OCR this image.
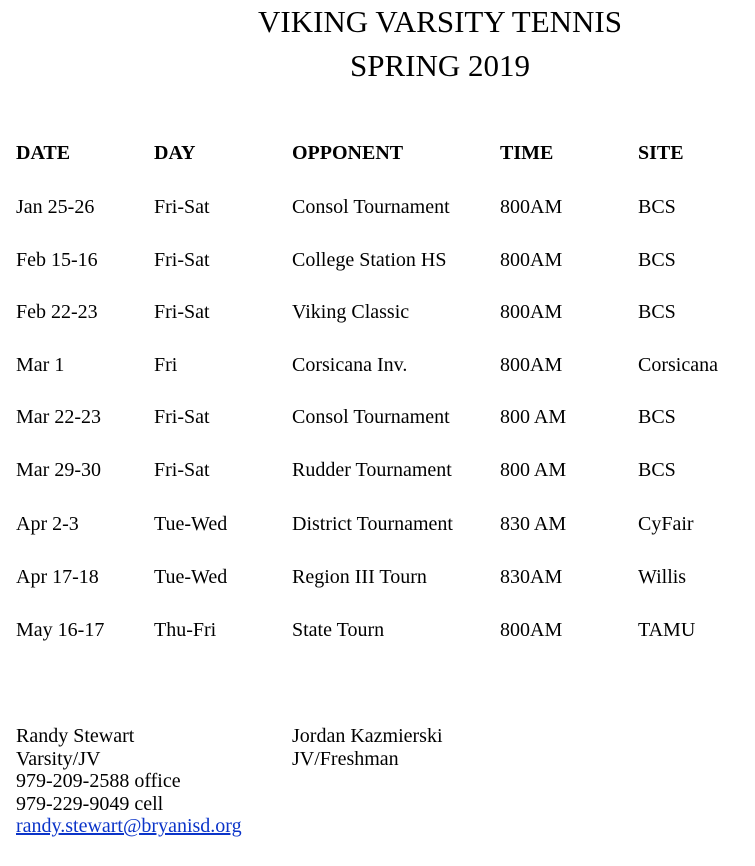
VIKING VARSITY TENNIS
SPRING 2019
DATE	DAY	OPPONENT	TIME	SITE
Jan 25-26	Fri-Sat	Consol Tournament	800AM	BCS
Feb 15-16	Fri-Sat	College Station HS	800AM	BCS
Feb 22-23	Fri-Sat	Viking Classic	800AM	BCS
Mar 1	Fri	Corsicana Inv.	800AM	Corsicana
Mar 22-23	Fri-Sat	Consol Tournament	800 AM	BCS
Mar 29-30	Fri-Sat	Rudder Tournament 800 AM	BCS
Apr 2-3	Tue-Wed	District Tournament 830 AM	CyFair
Apr 17-18	Tue-Wed	Region III Tourn	830AM	Willis
May 16-17 Thu-Fri	State Tourn	800AM	TAMU
Randy Stewart
Varsity/JV
979-209-2588 office
979-229-9049 cell
randy.stewart@bryanisd.org
Jordan Kazmierski
JV/Freshman
